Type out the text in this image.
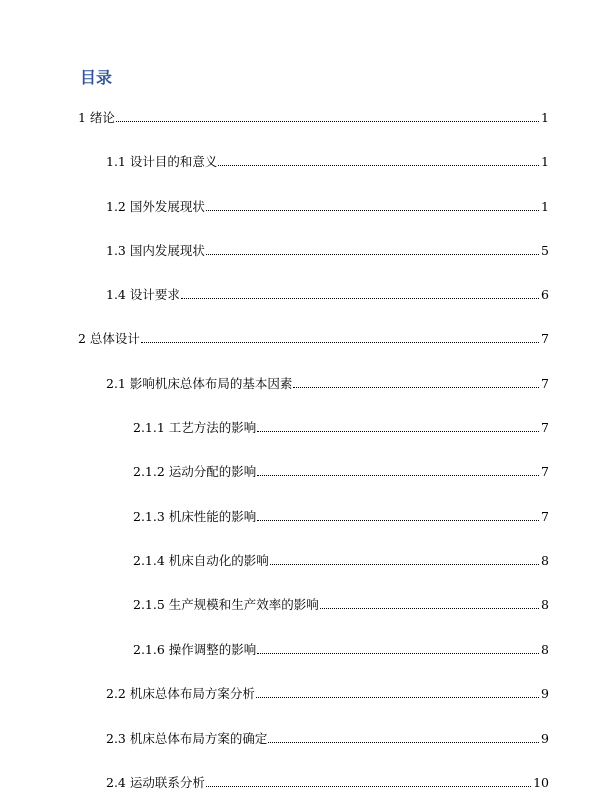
目录
1 绪论	1
1.1 设计目的和意义	1
1.2 国外发展现状	1
1.3 国内发展现状	5
1.4 设计要求	6
2 总体设计	7
2.1 影响机床总体布局的基本因素	7
2.1.1 工艺方法的影响	7
2.1.2 运动分配的影响	7
2.1.3 机床性能的影响	7
2.1.4 机床自动化的影响	8
2.1.5 生产规模和生产效率的影响	8
2.1.6 操作调整的影响	8
2.2 机床总体布局方案分析	9
2.3 机床总体布局方案的确定	9
2.4 运动联系分析	10
